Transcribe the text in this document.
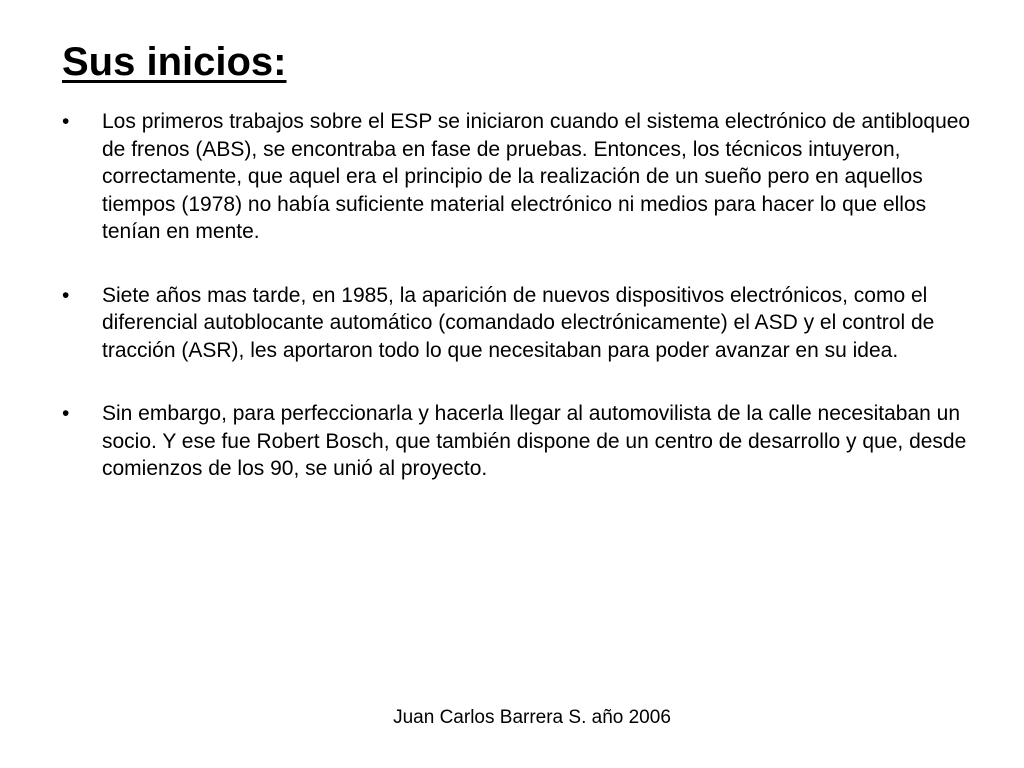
Sus inicios:
•	Los primeros trabajos sobre el ESP se iniciaron cuando el sistema electrónico de antibloqueo de frenos (ABS), se encontraba en fase de pruebas. Entonces, los técnicos intuyeron, correctamente, que aquel era el principio de la realización de un sueño pero en aquellos tiempos (1978) no había suficiente material electrónico ni medios para hacer lo que ellos tenían en mente.
•	Siete años mas tarde, en 1985, la aparición de nuevos dispositivos electrónicos, como el diferencial autoblocante automático (comandado electrónicamente) el ASD y el control de tracción (ASR), les aportaron todo lo que necesitaban para poder avanzar en su idea.
•	Sin embargo, para perfeccionarla y hacerla llegar al automovilista de la calle necesitaban un socio. Y ese fue Robert Bosch, que también dispone de un centro de desarrollo y que, desde comienzos de los 90, se unió al proyecto.
Juan Carlos Barrera S. año 2006
